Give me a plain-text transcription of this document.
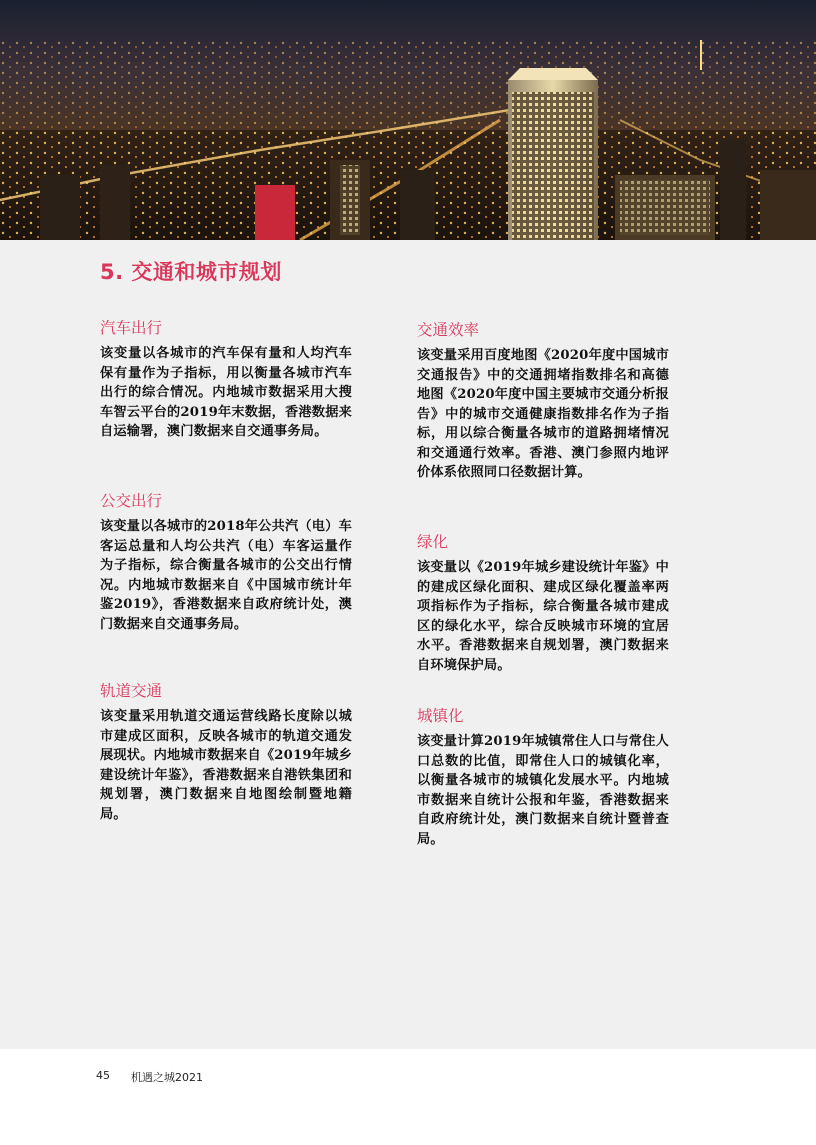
5. 交通和城市规划
汽车出行

该变量以各城市的汽车保有量和人均汽车保有量作为子指标，用以衡量各城市汽车出行的综合情况。内地城市数据采用大搜车智云平台的2019年末数据，香港数据来自运输署，澳门数据来自交通事务局。

公交出行

该变量以各城市的2018年公共汽（电）车客运总量和人均公共汽（电）车客运量作为子指标，综合衡量各城市的公交出行情况。内地城市数据来自《中国城市统计年鉴2019》，香港数据来自政府统计处，澳门数据来自交通事务局。

轨道交通

该变量采用轨道交通运营线路长度除以城市建成区面积，反映各城市的轨道交通发展现状。内地城市数据来自《2019年城乡建设统计年鉴》，香港数据来自港铁集团和规划署，澳门数据来自地图绘制暨地籍局。

交通效率

该变量采用百度地图《2020年度中国城市交通报告》中的交通拥堵指数排名和高德地图《2020年度中国主要城市交通分析报告》中的城市交通健康指数排名作为子指标，用以综合衡量各城市的道路拥堵情况和交通通行效率。香港、澳门参照内地评价体系依照同口径数据计算。

绿化

该变量以《2019年城乡建设统计年鉴》中的建成区绿化面积、建成区绿化覆盖率两项指标作为子指标，综合衡量各城市建成区的绿化水平，综合反映城市环境的宜居水平。香港数据来自规划署，澳门数据来自环境保护局。

城镇化

该变量计算2019年城镇常住人口与常住人口总数的比值，即常住人口的城镇化率，以衡量各城市的城镇化发展水平。内地城市数据来自统计公报和年鉴，香港数据来自政府统计处，澳门数据来自统计暨普查局。

45 机遇之城2021
